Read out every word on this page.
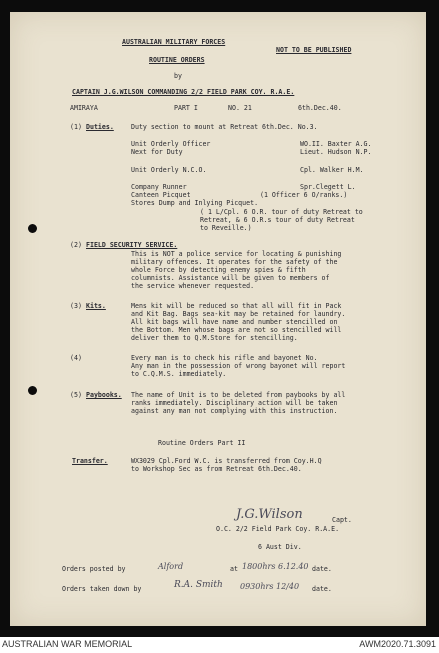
AUSTRALIAN MILITARY FORCES
NOT TO BE PUBLISHED
ROUTINE ORDERS
by
CAPTAIN J.G.WILSON COMMANDING 2/2 FIELD PARK COY. R.A.E.
AMIRAYA	PART I	NO. 21	6th.Dec.40.
(1) Duties.	Duty section to mount at Retreat 6th.Dec. No.3.
Unit Orderly Officer	WO.II. Baxter A.G.
Next for Duty	Lieut. Hudson N.P.
Unit Orderly N.C.O.	Cpl. Walker H.M.
Company Runner	Spr.Clegett L.
Canteen Picquet	(1 Officer 6 O/ranks.)
Stores Dump and Inlying Picquet.
( 1 L/Cpl. 6 O.R. tour of duty Retreat to
Retreat, & 6 O.R.s tour of duty Retreat
to Reveille.)
(2) FIELD SECURITY SERVICE.
This is NOT a police service for locating & punishing
military offences. It operates for the safety of the
whole Force by detecting enemy spies & fifth
columnists. Assistance will be given to members of
the service whenever requested.
(3) Kits.	Mens kit will be reduced so that all will fit in Pack
and Kit Bag. Bags sea-kit may be retained for laundry.
All kit bags will have name and number stencilled on
the Bottom. Men whose bags are not so stencilled will
deliver them to Q.M.Store for stencilling.
(4)	Every man is to check his rifle and bayonet No.
Any man in the possession of wrong bayonet will report
to C.Q.M.S. immediately.
(5) Paybooks. The name of Unit is to be deleted from paybooks by all
ranks immediately. Disciplinary action will be taken
against any man not complying with this instruction.
Routine Orders Part II
Transfer.	WX3029 Cpl.Ford W.C. is transferred from Coy.H.Q
to Workshop Sec as from Retreat 6th.Dec.40.
J.G.Wilson	Capt.
O.C. 2/2 Field Park Coy. R.A.E.
6 Aust Div.
Orders posted by	Alford	at 1800hrs 6.12.40 date.
Orders taken down by	R.A. Smith 0930hrs 12/40 date.
AUSTRALIAN WAR MEMORIAL	AWM2020.71.3091
